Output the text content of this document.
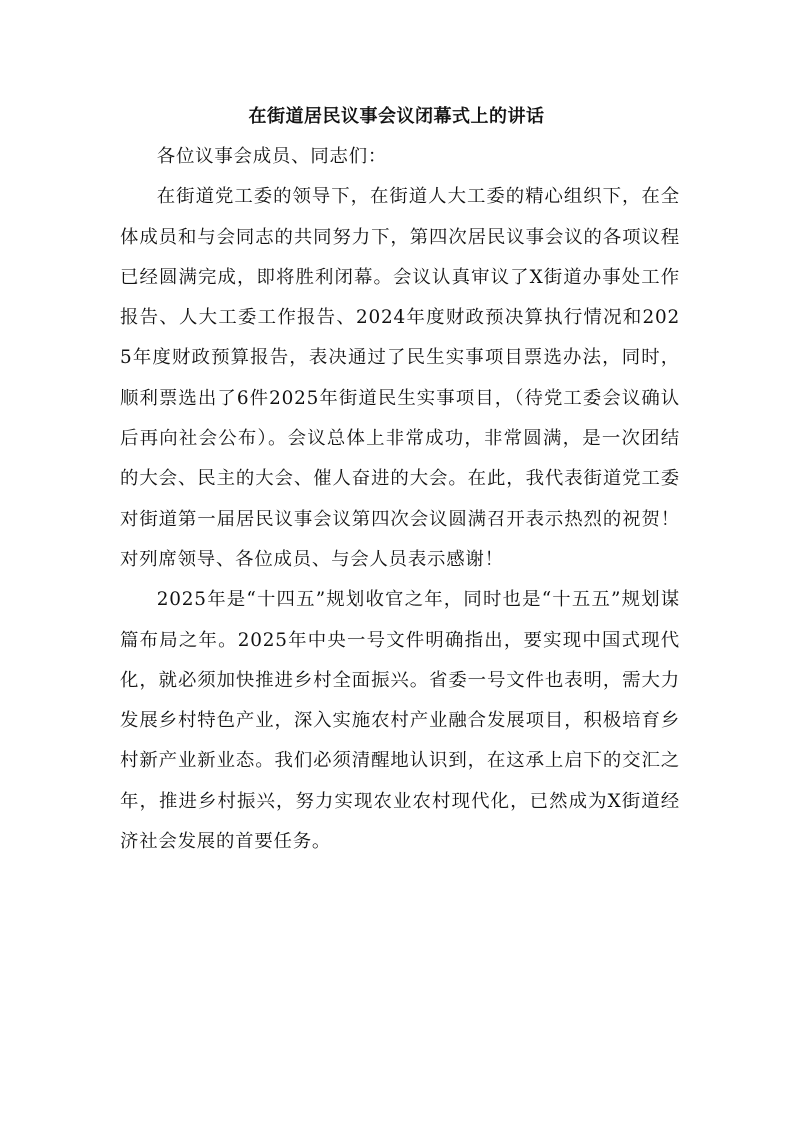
在街道居民议事会议闭幕式上的讲话

各位议事会成员、同志们：

在街道党工委的领导下，在街道人大工委的精心组织下，在全体成员和与会同志的共同努力下，第四次居民议事会议的各项议程已经圆满完成，即将胜利闭幕。会议认真审议了X街道办事处工作报告、人大工委工作报告、2024年度财政预决算执行情况和2025年度财政预算报告，表决通过了民生实事项目票选办法，同时，顺利票选出了6件2025年街道民生实事项目，（待党工委会议确认后再向社会公布）。会议总体上非常成功，非常圆满，是一次团结的大会、民主的大会、催人奋进的大会。在此，我代表街道党工委对街道第一届居民议事会议第四次会议圆满召开表示热烈的祝贺！对列席领导、各位成员、与会人员表示感谢！

2025年是“十四五”规划收官之年，同时也是“十五五”规划谋篇布局之年。2025年中央一号文件明确指出，要实现中国式现代化，就必须加快推进乡村全面振兴。省委一号文件也表明，需大力发展乡村特色产业，深入实施农村产业融合发展项目，积极培育乡村新产业新业态。我们必须清醒地认识到，在这承上启下的交汇之年，推进乡村振兴，努力实现农业农村现代化，已然成为X街道经济社会发展的首要任务。
